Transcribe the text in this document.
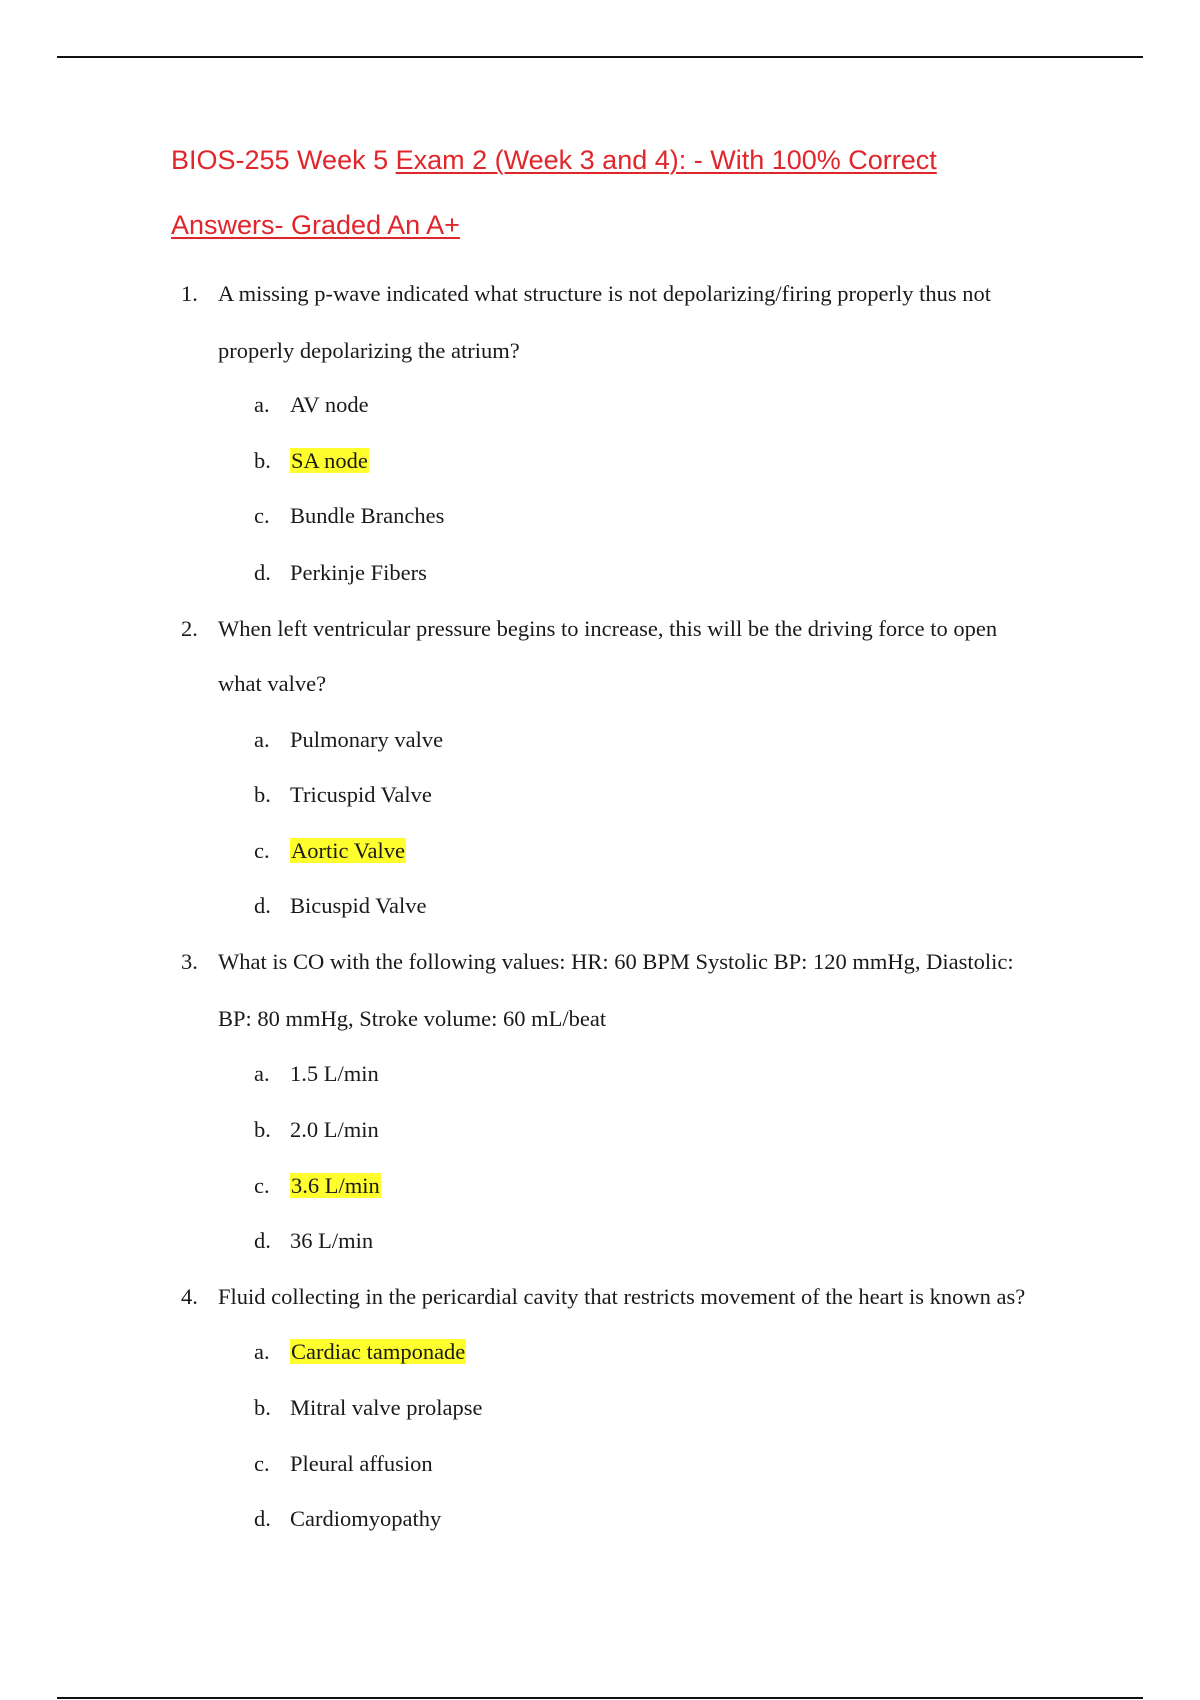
BIOS-255 Week 5 Exam 2 (Week 3 and 4): - With 100% Correct
Answers- Graded An A+
1. A missing p-wave indicated what structure is not depolarizing/firing properly thus not
properly depolarizing the atrium?
a. AV node
b. SA node
c. Bundle Branches
d. Perkinje Fibers
2. When left ventricular pressure begins to increase, this will be the driving force to open
what valve?
a. Pulmonary valve
b. Tricuspid Valve
c. Aortic Valve
d. Bicuspid Valve
3. What is CO with the following values: HR: 60 BPM Systolic BP: 120 mmHg, Diastolic:
BP: 80 mmHg, Stroke volume: 60 mL/beat
a. 1.5 L/min
b. 2.0 L/min
c. 3.6 L/min
d. 36 L/min
4. Fluid collecting in the pericardial cavity that restricts movement of the heart is known as?
a. Cardiac tamponade
b. Mitral valve prolapse
c. Pleural affusion
d. Cardiomyopathy
